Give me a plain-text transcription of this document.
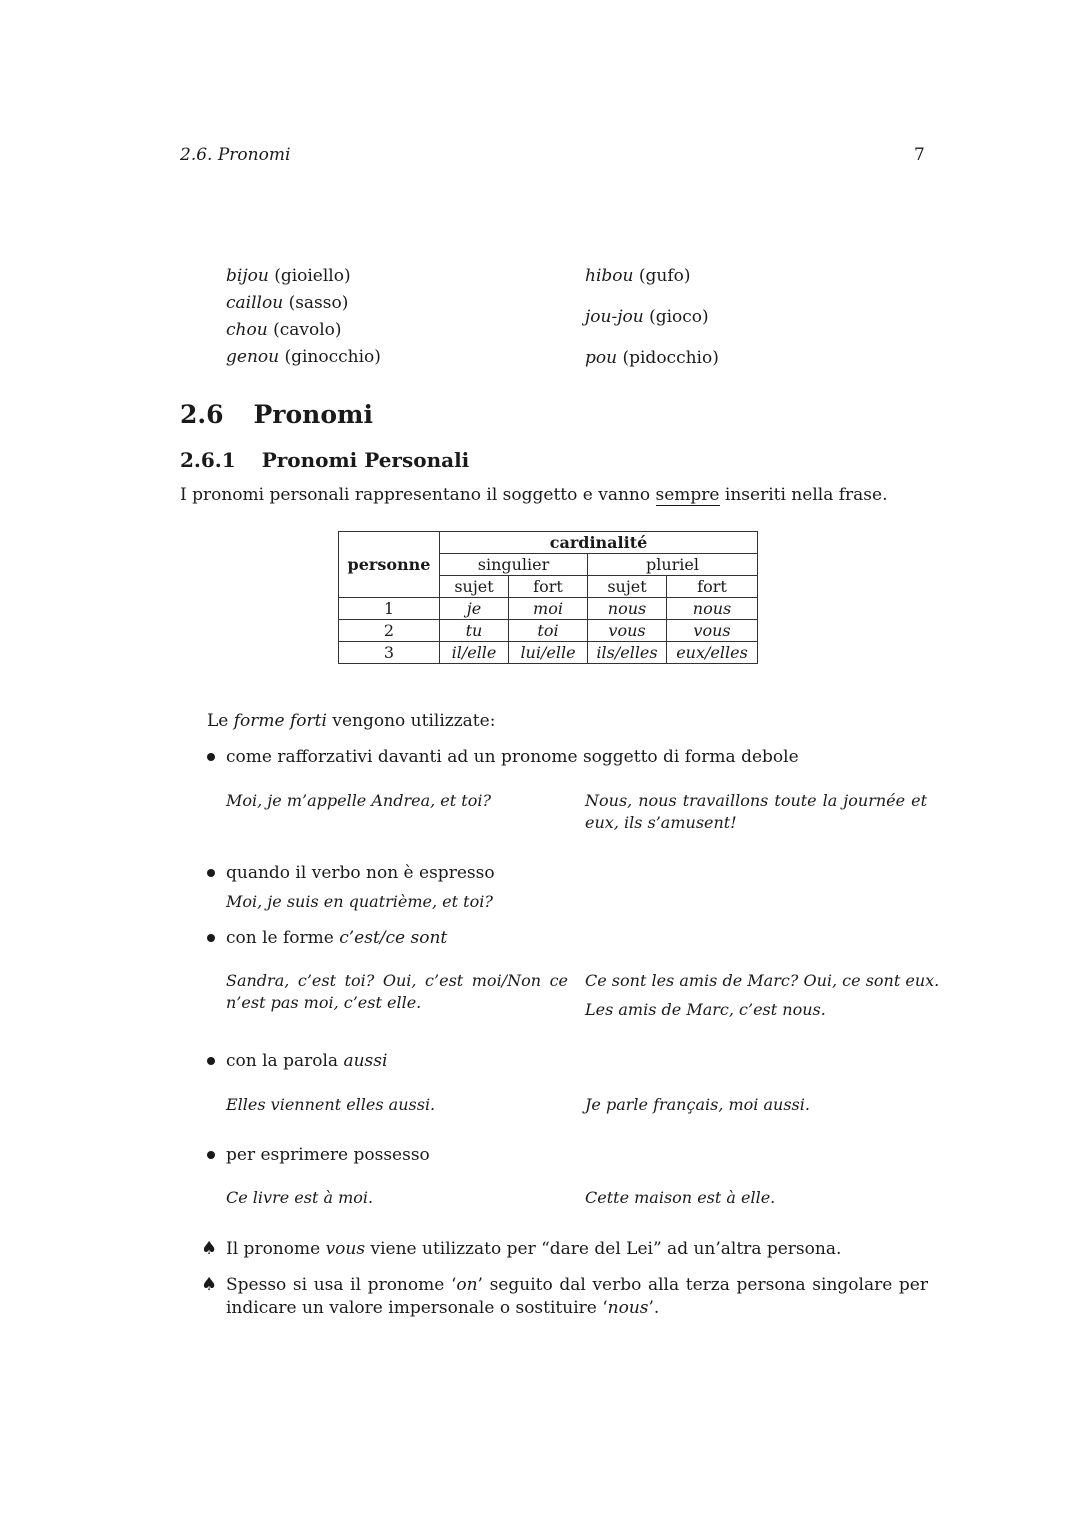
2.6. Pronomi	7
bijou (gioiello)
caillou (sasso)
chou (cavolo)
genou (ginocchio)
hibou (gufo)
jou-jou (gioco)
pou (pidocchio)
2.6 Pronomi
2.6.1 Pronomi Personali
I pronomi personali rappresentano il soggetto e vanno sempre inseriti nella frase.
	cardinalité			
personne	singulier		pluriel	
	sujet	fort	sujet	fort
1	je	moi	nous	nous
2	tu	toi	vous	vous
3	il/elle	lui/elle	ils/elles	eux/elles
Le forme forti vengono utilizzate:
come rafforzativi davanti ad un pronome soggetto di forma debole
Moi, je m’appelle Andrea, et toi?	Nous, nous travaillons toute la journée et eux, ils s’amusent!
quando il verbo non è espresso
Moi, je suis en quatrième, et toi?
con le forme c’est/ce sont
Sandra, c’est toi? Oui, c’est moi/Non ce n’est pas moi, c’est elle.
Ce sont les amis de Marc? Oui, ce sont eux.
Les amis de Marc, c’est nous.
con la parola aussi
Elles viennent elles aussi.	Je parle français, moi aussi.
per esprimere possesso
Ce livre est à moi.	Cette maison est à elle.
♠ Il pronome vous viene utilizzato per “dare del Lei” ad un’altra persona.
♠ Spesso si usa il pronome ‘on’ seguito dal verbo alla terza persona singolare per indicare un valore impersonale o sostituire ‘nous’.
